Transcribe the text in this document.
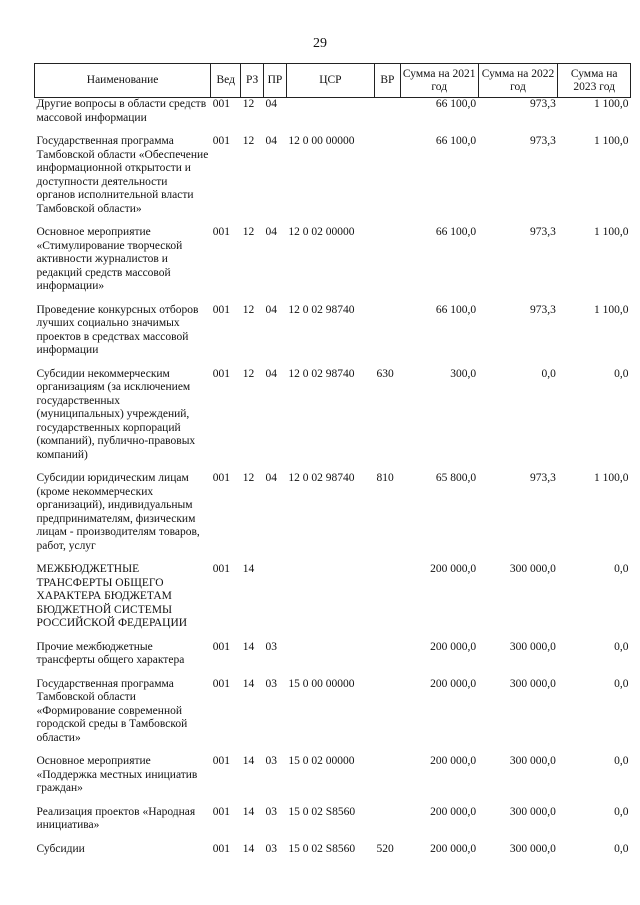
29
Наименование	Вед	РЗ	ПР	ЦСР	ВР	Сумма на 2021 год	Сумма на 2022 год	Сумма на 2023 год
Другие вопросы в области средств массовой информации	001	12	04			66 100,0	973,3	1 100,0
Государственная программа Тамбовской области «Обеспечение информационной открытости и доступности деятельности органов исполнительной власти Тамбовской области»	001	12	04	12 0 00 00000		66 100,0	973,3	1 100,0
Основное мероприятие «Стимулирование творческой активности журналистов и редакций средств массовой информации»	001	12	04	12 0 02 00000		66 100,0	973,3	1 100,0
Проведение конкурсных отборов лучших социально значимых проектов в средствах массовой информации	001	12	04	12 0 02 98740		66 100,0	973,3	1 100,0
Субсидии некоммерческим организациям (за исключением государственных (муниципальных) учреждений, государственных корпораций (компаний), публично-правовых компаний)	001	12	04	12 0 02 98740	630	300,0	0,0	0,0
Субсидии юридическим лицам (кроме некоммерческих организаций), индивидуальным предпринимателям, физическим лицам - производителям товаров, работ, услуг	001	12	04	12 0 02 98740	810	65 800,0	973,3	1 100,0
МЕЖБЮДЖЕТНЫЕ ТРАНСФЕРТЫ ОБЩЕГО ХАРАКТЕРА БЮДЖЕТАМ БЮДЖЕТНОЙ СИСТЕМЫ РОССИЙСКОЙ ФЕДЕРАЦИИ	001	14				200 000,0	300 000,0	0,0
Прочие межбюджетные трансферты общего характера	001	14	03			200 000,0	300 000,0	0,0
Государственная программа Тамбовской области «Формирование современной городской среды в Тамбовской области»	001	14	03	15 0 00 00000		200 000,0	300 000,0	0,0
Основное мероприятие «Поддержка местных инициатив граждан»	001	14	03	15 0 02 00000		200 000,0	300 000,0	0,0
Реализация проектов «Народная инициатива»	001	14	03	15 0 02 S8560		200 000,0	300 000,0	0,0
Субсидии	001	14	03	15 0 02 S8560	520	200 000,0	300 000,0	0,0
